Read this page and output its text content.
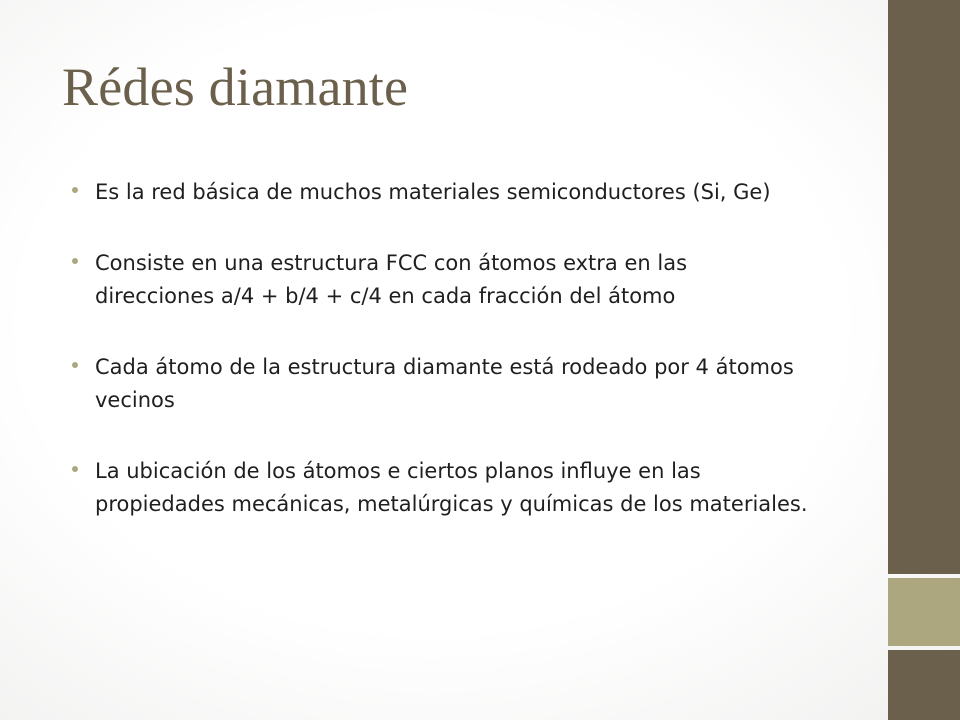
Rédes diamante
Es la red básica de muchos materiales semiconductores (Si, Ge)
Consiste en una estructura FCC con átomos extra en las direcciones a/4 + b/4 + c/4 en cada fracción del átomo
Cada átomo de la estructura diamante está rodeado por 4 átomos vecinos
La ubicación de los átomos e ciertos planos influye en las propiedades mecánicas, metalúrgicas y químicas de los materiales.
